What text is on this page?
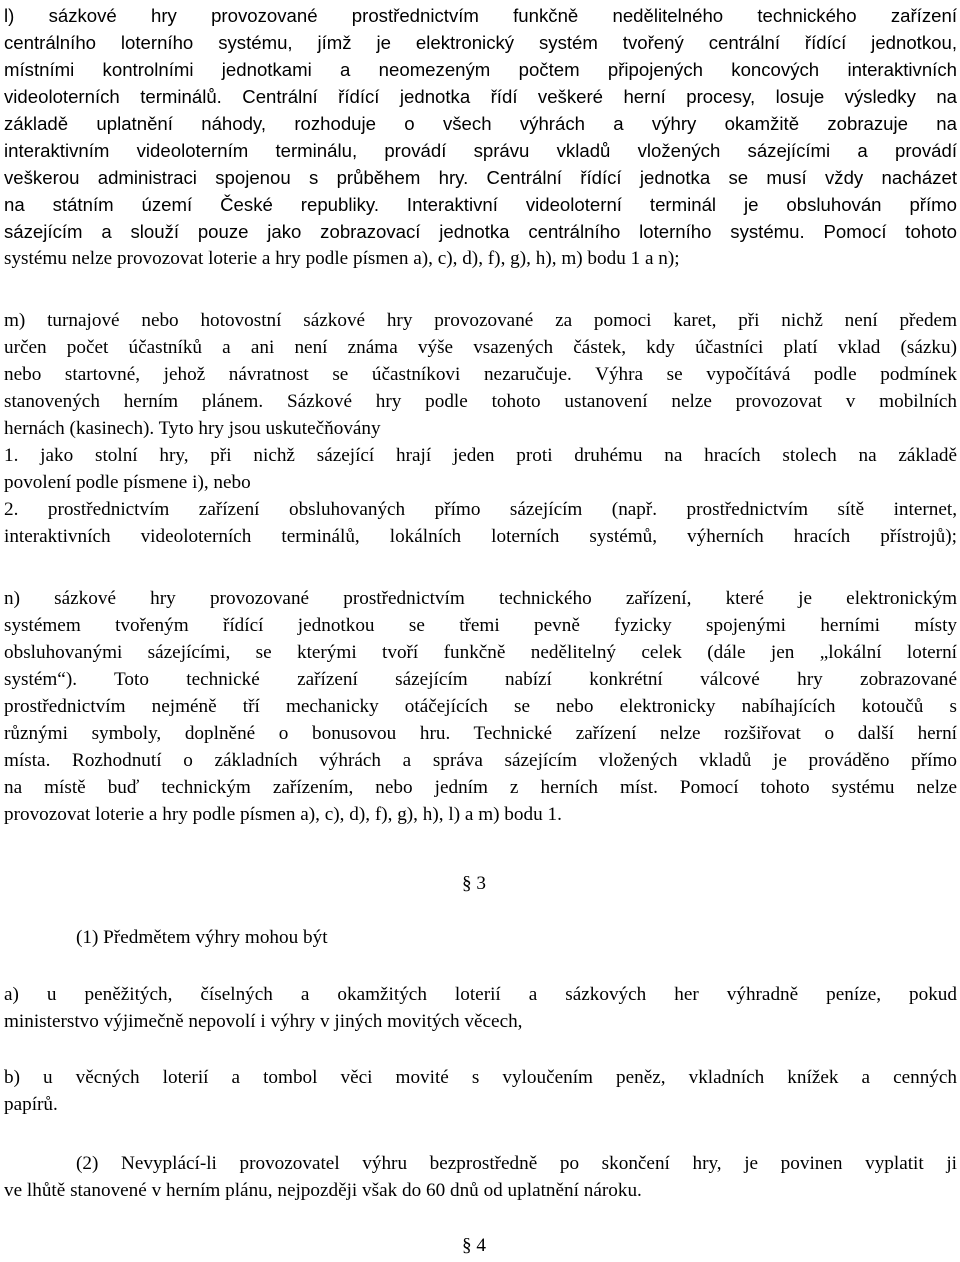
l) sázkové hry provozované prostřednictvím funkčně nedělitelného technického zařízení
centrálního loterního systému, jímž je elektronický systém tvořený centrální řídící jednotkou,
místními kontrolními jednotkami a neomezeným počtem připojených koncových interaktivních
videoloterních terminálů. Centrální řídící jednotka řídí veškeré herní procesy, losuje výsledky na
základě uplatnění náhody, rozhoduje o všech výhrách a výhry okamžitě zobrazuje na
interaktivním videoloterním terminálu, provádí správu vkladů vložených sázejícími a provádí
veškerou administraci spojenou s průběhem hry. Centrální řídící jednotka se musí vždy nacházet
na státním území České republiky. Interaktivní videoloterní terminál je obsluhován přímo
sázejícím a slouží pouze jako zobrazovací jednotka centrálního loterního systému. Pomocí tohoto
systému nelze provozovat loterie a hry podle písmen a), c), d), f), g), h), m) bodu 1 a n);
m) turnajové nebo hotovostní sázkové hry provozované za pomoci karet, při nichž není předem
určen počet účastníků a ani není známa výše vsazených částek, kdy účastníci platí vklad (sázku)
nebo startovné, jehož návratnost se účastníkovi nezaručuje. Výhra se vypočítává podle podmínek
stanovených herním plánem. Sázkové hry podle tohoto ustanovení nelze provozovat v mobilních
hernách (kasinech). Tyto hry jsou uskutečňovány
1. jako stolní hry, při nichž sázející hrají jeden proti druhému na hracích stolech na základě
povolení podle písmene i), nebo
2. prostřednictvím zařízení obsluhovaných přímo sázejícím (např. prostřednictvím sítě internet,
interaktivních videoloterních terminálů, lokálních loterních systémů, výherních hracích přístrojů);
n) sázkové hry provozované prostřednictvím technického zařízení, které je elektronickým
systémem tvořeným řídící jednotkou se třemi pevně fyzicky spojenými herními místy
obsluhovanými sázejícími, se kterými tvoří funkčně nedělitelný celek (dále jen „lokální loterní
systém“). Toto technické zařízení sázejícím nabízí konkrétní válcové hry zobrazované
prostřednictvím nejméně tří mechanicky otáčejících se nebo elektronicky nabíhajících kotoučů s
různými symboly, doplněné o bonusovou hru. Technické zařízení nelze rozšiřovat o další herní
místa. Rozhodnutí o základních výhrách a správa sázejícím vložených vkladů je prováděno přímo
na místě buď technickým zařízením, nebo jedním z herních míst. Pomocí tohoto systému nelze
provozovat loterie a hry podle písmen a), c), d), f), g), h), l) a m) bodu 1.
§ 3
(1) Předmětem výhry mohou být
a) u peněžitých, číselných a okamžitých loterií a sázkových her výhradně peníze, pokud
ministerstvo výjimečně nepovolí i výhry v jiných movitých věcech,
b) u věcných loterií a tombol věci movité s vyloučením peněz, vkladních knížek a cenných
papírů.
(2) Nevyplácí-li provozovatel výhru bezprostředně po skončení hry, je povinen vyplatit ji
ve lhůtě stanovené v herním plánu, nejpozději však do 60 dnů od uplatnění nároku.
§ 4
